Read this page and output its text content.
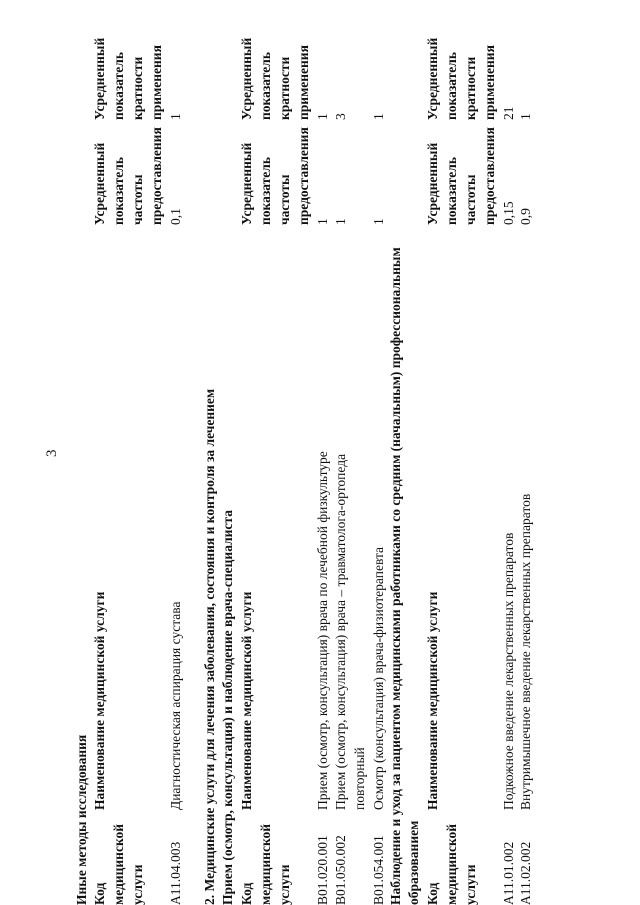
3
Иные методы исследования Код медицинской услуги
Наименование медицинской услуги
Усредненный показатель частоты предоставления
Усредненный показатель кратности применения
A11.04.003
Диагностическая аспирация сустава
0,1
1
2. Медицинские услуги для лечения заболевания, состояния и контроля за лечением Прием (осмотр, консультация) и наблюдение врача-специалиста Код медицинской услуги
Наименование медицинской услуги
Усредненный показатель частоты предоставления
Усредненный показатель кратности применения
B01.020.001
Прием (осмотр, консультация) врача по лечебной физкультуре
1
1
B01.050.002
Прием (осмотр, консультация) врача – травматолога-ортопеда повторный
1
3
B01.054.001
Осмотр (консультация) врача-физиотерапевта
1
1
Наблюдение и уход за пациентом медицинскими работниками со средним (начальным) профессиональным образованием Код медицинской услуги
Наименование медицинской услуги
Усредненный показатель частоты предоставления
Усредненный показатель кратности применения
A11.01.002
Подкожное введение лекарственных препаратов
0,15
21
A11.02.002
Внутримышечное введение лекарственных препаратов
0,9
1
